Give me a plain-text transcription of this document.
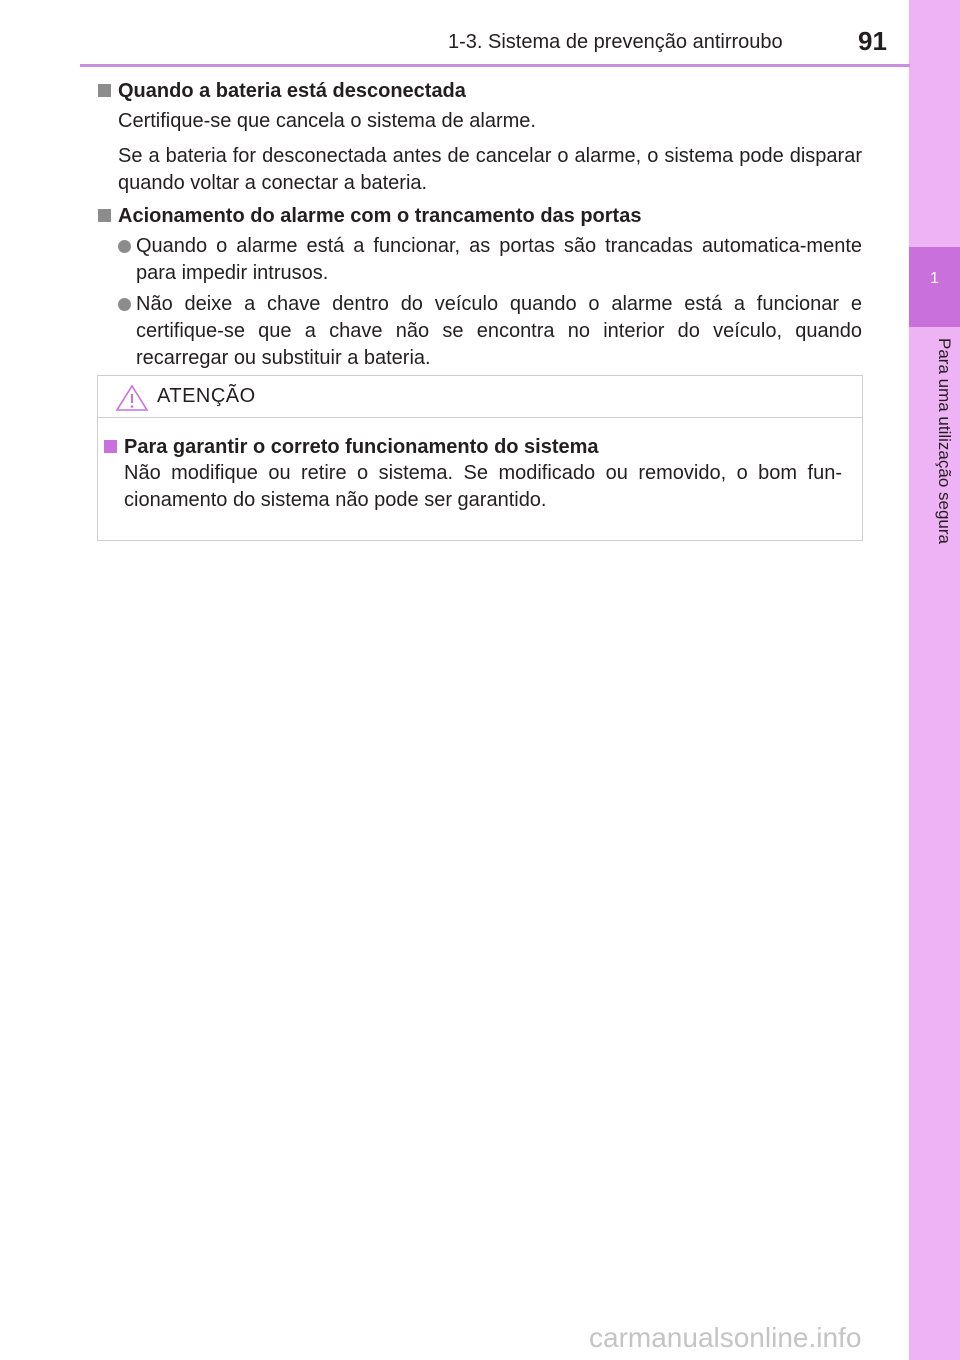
1
Para uma utilização segura
1-3. Sistema de prevenção antirroubo	91
Quando a bateria está desconectada
Certifique-se que cancela o sistema de alarme.
Se a bateria for desconectada antes de cancelar o alarme, o sistema pode disparar quando voltar a conectar a bateria.
Acionamento do alarme com o trancamento das portas
Quando o alarme está a funcionar, as portas são trancadas automatica-mente para impedir intrusos.
Não deixe a chave dentro do veículo quando o alarme está a funcionar e certifique-se que a chave não se encontra no interior do veículo, quando recarregar ou substituir a bateria.
ATENÇÃO
Para garantir o correto funcionamento do sistema
Não modifique ou retire o sistema. Se modificado ou removido, o bom fun-cionamento do sistema não pode ser garantido.
carmanualsonline.info
